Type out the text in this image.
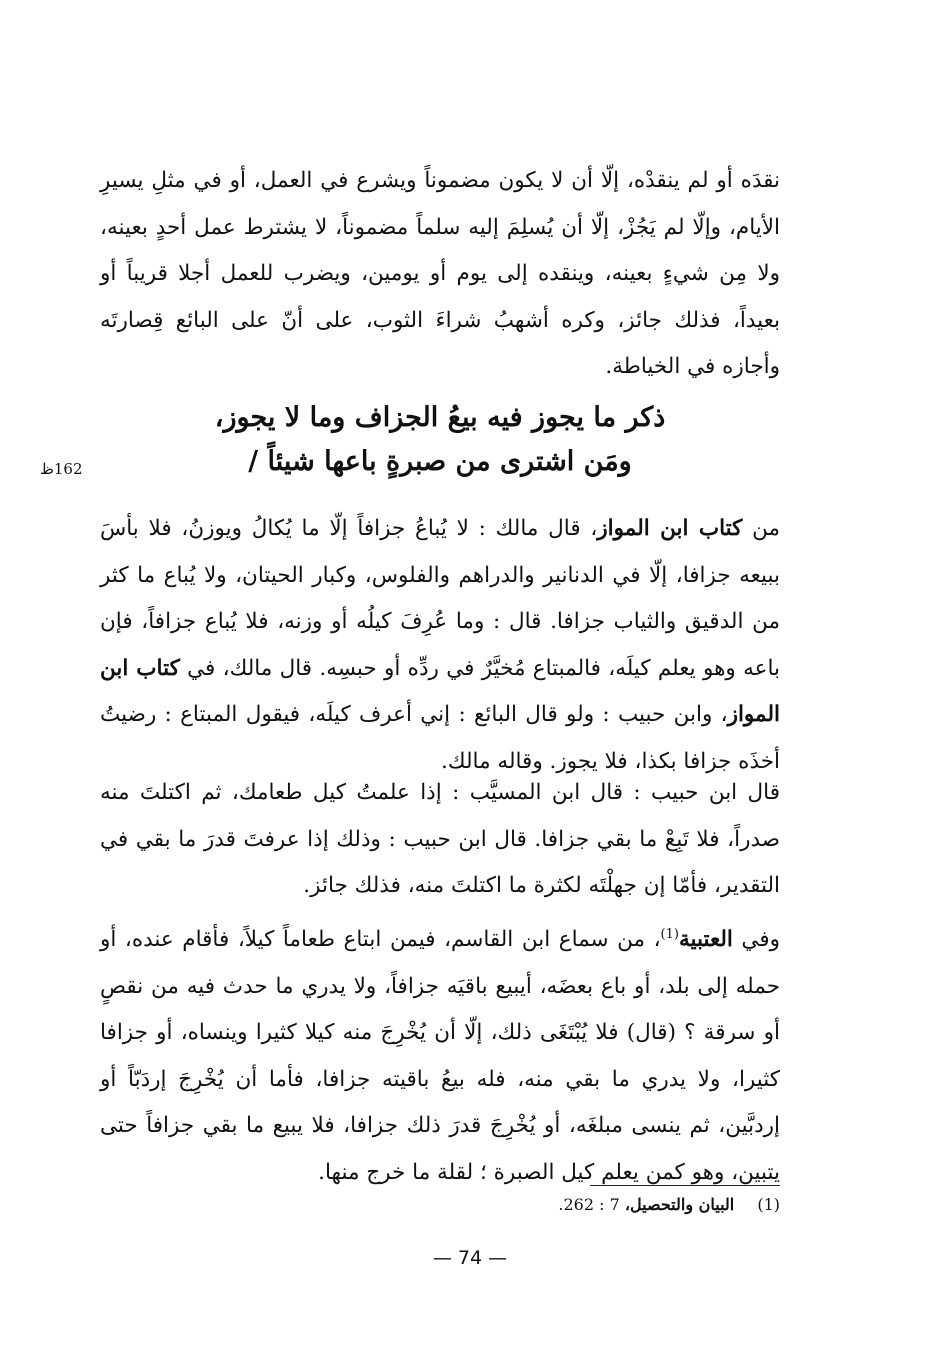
نقدَه أو لم ينقدْه، إلّا أن لا يكون مضموناً ويشرع في العمل، أو في مثلِ يسيرِ الأيام، وإلّا لم يَجُزْ، إلّا أن يُسلِمَ إليه سلماً مضموناً، لا يشترط عمل أحدٍ بعينه، ولا مِن شيءٍ بعينه، وينقده إلى يوم أو يومين، ويضرب للعمل أجلا قريباً أو بعيداً، فذلك جائز، وكره أشهبُ شراءَ الثوب، على أنّ على البائع قِصارتَه وأجازه في الخياطة.

ذكر ما يجوز فيه بيعُ الجزاف وما لا يجوز،
ومَن اشترى من صبرةٍ باعها شيئاً /
162ظ

من كتاب ابن المواز، قال مالك : لا يُباعُ جزافاً إلّا ما يُكالُ ويوزنُ، فلا بأسَ ببيعه جزافا، إلّا في الدنانير والدراهم والفلوس، وكبار الحيتان، ولا يُباع ما كثر من الدقيق والثياب جزافا. قال : وما عُرِفَ كيلُه أو وزنه، فلا يُباع جزافاً، فإن باعه وهو يعلم كيلَه، فالمبتاع مُخيَّرٌ في ردِّه أو حبسِه. قال مالك، في كتاب ابن المواز، وابن حبيب : ولو قال البائع : إني أعرف كيلَه، فيقول المبتاع : رضيتُ أخذَه جزافا بكذا، فلا يجوز. وقاله مالك.

قال ابن حبيب : قال ابن المسيَّب : إذا علمتُ كيل طعامك، ثم اكتلتَ منه صدراً، فلا تَبِعْ ما بقي جزافا. قال ابن حبيب : وذلك إذا عرفتَ قدرَ ما بقي في التقدير، فأمّا إن جهلْتَه لكثرة ما اكتلتَ منه، فذلك جائز.

وفي العتبية$^{(1)}$، من سماع ابن القاسم، فيمن ابتاع طعاماً كيلاً، فأقام عنده، أو حمله إلى بلد، أو باع بعضَه، أيبيع باقيَه جزافاً، ولا يدري ما حدث فيه من نقصٍ أو سرقة ؟ (قال) فلا يُبْتَغَى ذلك، إلّا أن يُخْرِجَ منه كيلا كثيرا وينساه، أو جزافا كثيرا، ولا يدري ما بقي منه، فله بيعُ باقيته جزافا، فأما أن يُخْرِجَ إردَبّاً أو إردبَّين، ثم ينسى مبلغَه، أو يُخْرِجَ قدرَ ذلك جزافا، فلا يبيع ما بقي جزافاً حتى يتبين، وهو كمن يعلم كيل الصبرة ؛ لقلة ما خرج منها.

(1) البيان والتحصيل، 7 : 262.
— 74 —
